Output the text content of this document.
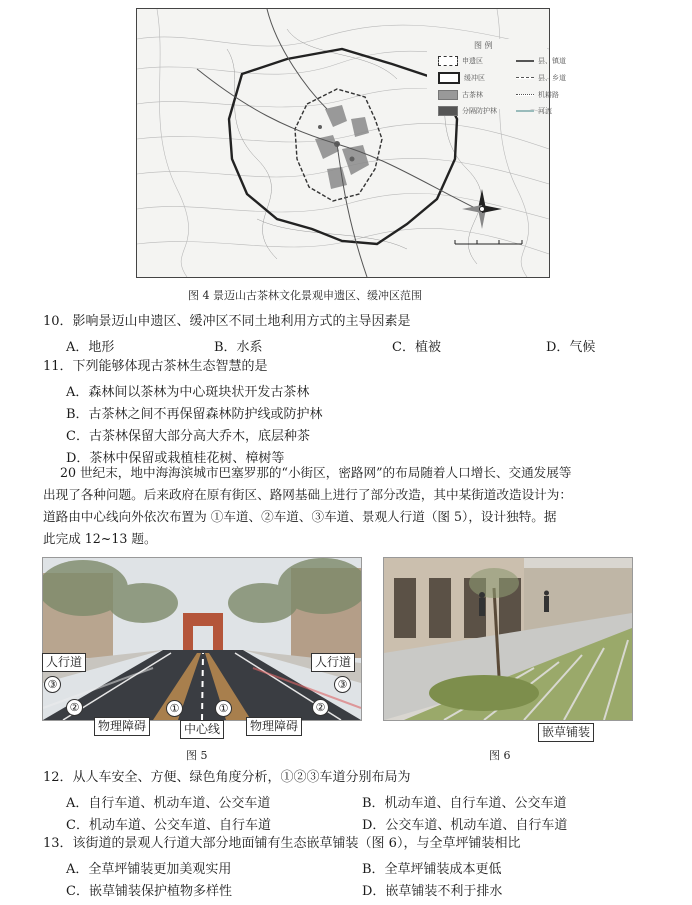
图 例
申遗区	县、镇道
缓冲区	县、乡道
古茶林	机耕路
分隔防护林	河流
图 4 景迈山古茶林文化景观申遗区、缓冲区范围
10．影响景迈山申遗区、缓冲区不同土地利用方式的主导因素是
A．地形	B．水系	C．植被	D．气候
11．下列能够体现古茶林生态智慧的是
A．森林间以茶林为中心斑块状开发古茶林
B．古茶林之间不再保留森林防护线或防护林
C．古茶林保留大部分高大乔木，底层种茶
D．茶林中保留或栽植桂花树、樟树等
20 世纪末，地中海海滨城市巴塞罗那的“小街区，密路网”的布局随着人口增长、交通发展等
出现了各种问题。后来政府在原有街区、路网基础上进行了部分改造，其中某街道改造设计为：
道路由中心线向外依次布置为 ①车道、②车道、③车道、景观人行道（图 5），设计独特。据
此完成 12~13 题。
人行道	人行道
③	③
②	②
①	①
物理障碍	中心线	物理障碍
图 5
嵌草铺装
图 6
12．从人车安全、方便、绿色角度分析，①②③车道分别布局为
A．自行车道、机动车道、公交车道	B．机动车道、自行车道、公交车道
C．机动车道、公交车道、自行车道	D．公交车道、机动车道、自行车道
13．该街道的景观人行道大部分地面铺有生态嵌草铺装（图 6），与全草坪铺装相比
A．全草坪铺装更加美观实用	B．全草坪铺装成本更低
C．嵌草铺装保护植物多样性	D．嵌草铺装不利于排水
